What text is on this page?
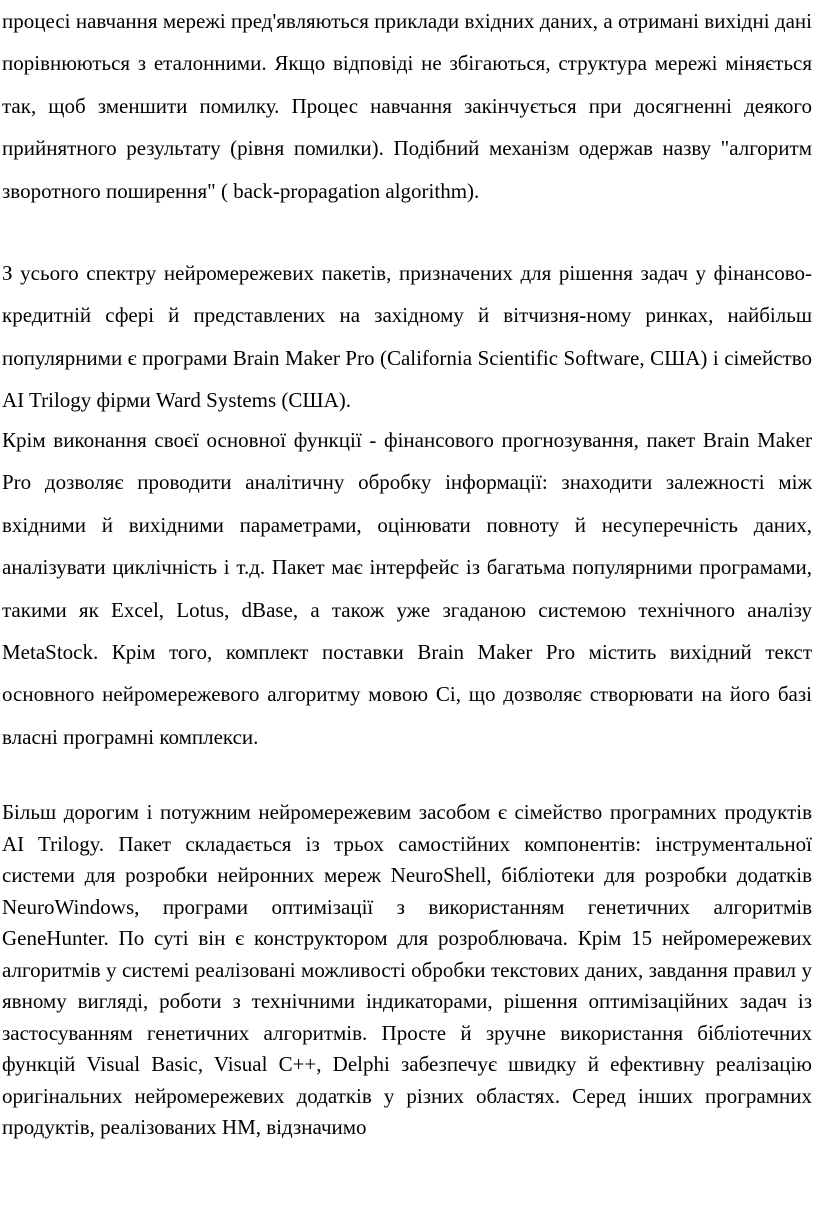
процесі навчання мережі пред'являються приклади вхідних даних, а отримані вихідні дані порівнюються з еталонними. Якщо відповіді не збігаються, структура мережі міняється так, щоб зменшити помилку. Процес навчання закінчується при досягненні деякого прийнятного результату (рівня помилки). Подібний механізм одержав назву "алгоритм зворотного поширення" ( back-propagation algorithm).

З усього спектру нейромережевих пакетів, призначених для рішення задач у фінансово-кредитній сфері й представлених на західному й вітчизня-ному ринках, найбільш популярними є програми Brain Maker Pro (California Scientific Software, США) і сімейство AI Trilogy фірми Ward Systems (США).

Крім виконання своєї основної функції - фінансового прогнозування, пакет Brain Maker Pro дозволяє проводити аналітичну обробку інформації: знаходити залежності між вхідними й вихідними параметрами, оцінювати повноту й несуперечність даних, аналізувати циклічність і т.д. Пакет має інтерфейс із багатьма популярними програмами, такими як Excel, Lotus, dBase, а також уже згаданою системою технічного аналізу MetaStock. Крім того, комплект поставки Brain Maker Pro містить вихідний текст основного нейромережевого алгоритму мовою Сі, що дозволяє створювати на його базі власні програмні комплекси.

Більш дорогим і потужним нейромережевим засобом є сімейство програмних продуктів AI Trilogy. Пакет складається із трьох самостійних компонентів: інструментальної системи для розробки нейронних мереж NeuroShell, бібліотеки для розробки додатків NeuroWindows, програми оптимізації з використанням генетичних алгоритмів GeneHunter. По суті він є конструктором для розроблювача. Крім 15 нейромережевих алгоритмів у системі реалізовані можливості обробки текстових даних, завдання правил у явному вигляді, роботи з технічними індикаторами, рішення оптимізаційних задач із застосуванням генетичних алгоритмів. Просте й зручне використання бібліотечних функцій Visual Basic, Visual C++, Delphi забезпечує швидку й ефективну реалізацію оригінальних нейромережевих додатків у різних областях. Серед інших програмних продуктів, реалізованих НМ, відзначимо
